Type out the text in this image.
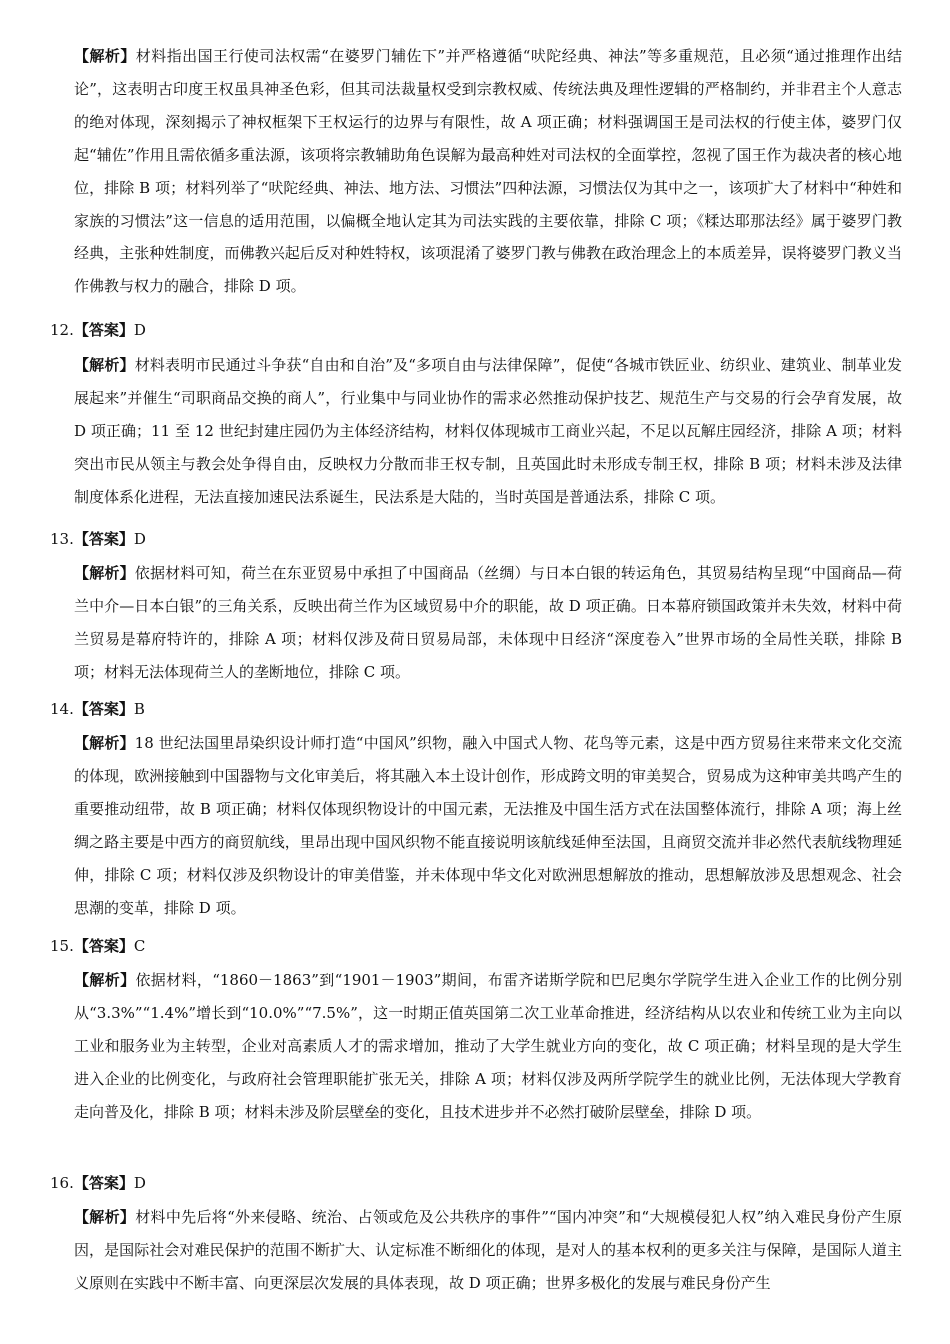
【解析】材料指出国王行使司法权需“在婆罗门辅佐下”并严格遵循“吠陀经典、神法”等多重规范，且必须“通过推理作出结论”，这表明古印度王权虽具神圣色彩，但其司法裁量权受到宗教权威、传统法典及理性逻辑的严格制约，并非君主个人意志的绝对体现，深刻揭示了神权框架下王权运行的边界与有限性，故 A 项正确；材料强调国王是司法权的行使主体，婆罗门仅起“辅佐”作用且需依循多重法源，该项将宗教辅助角色误解为最高种姓对司法权的全面掌控，忽视了国王作为裁决者的核心地位，排除 B 项；材料列举了“吠陀经典、神法、地方法、习惯法”四种法源，习惯法仅为其中之一，该项扩大了材料中“种姓和家族的习惯法”这一信息的适用范围，以偏概全地认定其为司法实践的主要依靠，排除 C 项；《糅达耶那法经》属于婆罗门教经典，主张种姓制度，而佛教兴起后反对种姓特权，该项混淆了婆罗门教与佛教在政治理念上的本质差异，误将婆罗门教义当作佛教与权力的融合，排除 D 项。

12.【答案】D

【解析】材料表明市民通过斗争获“自由和自治”及“多项自由与法律保障”，促使“各城市铁匠业、纺织业、建筑业、制革业发展起来”并催生“司职商品交换的商人”，行业集中与同业协作的需求必然推动保护技艺、规范生产与交易的行会孕育发展，故 D 项正确；11 至 12 世纪封建庄园仍为主体经济结构，材料仅体现城市工商业兴起，不足以瓦解庄园经济，排除 A 项；材料突出市民从领主与教会处争得自由，反映权力分散而非王权专制，且英国此时未形成专制王权，排除 B 项；材料未涉及法律制度体系化进程，无法直接加速民法系诞生，民法系是大陆的，当时英国是普通法系，排除 C 项。

13.【答案】D

【解析】依据材料可知，荷兰在东亚贸易中承担了中国商品（丝绸）与日本白银的转运角色，其贸易结构呈现“中国商品—荷兰中介—日本白银”的三角关系，反映出荷兰作为区域贸易中介的职能，故 D 项正确。日本幕府锁国政策并未失效，材料中荷兰贸易是幕府特许的，排除 A 项；材料仅涉及荷日贸易局部，未体现中日经济“深度卷入”世界市场的全局性关联，排除 B 项；材料无法体现荷兰人的垄断地位，排除 C 项。

14.【答案】B

【解析】18 世纪法国里昂染织设计师打造“中国风”织物，融入中国式人物、花鸟等元素，这是中西方贸易往来带来文化交流的体现，欧洲接触到中国器物与文化审美后，将其融入本土设计创作，形成跨文明的审美契合，贸易成为这种审美共鸣产生的重要推动纽带，故 B 项正确；材料仅体现织物设计的中国元素，无法推及中国生活方式在法国整体流行，排除 A 项；海上丝绸之路主要是中西方的商贸航线，里昂出现中国风织物不能直接说明该航线延伸至法国，且商贸交流并非必然代表航线物理延伸，排除 C 项；材料仅涉及织物设计的审美借鉴，并未体现中华文化对欧洲思想解放的推动，思想解放涉及思想观念、社会思潮的变革，排除 D 项。

15.【答案】C

【解析】依据材料，“1860－1863”到“1901－1903”期间，布雷齐诺斯学院和巴尼奥尔学院学生进入企业工作的比例分别从“3.3%”“1.4%”增长到“10.0%”“7.5%”，这一时期正值英国第二次工业革命推进，经济结构从以农业和传统工业为主向以工业和服务业为主转型，企业对高素质人才的需求增加，推动了大学生就业方向的变化，故 C 项正确；材料呈现的是大学生进入企业的比例变化，与政府社会管理职能扩张无关，排除 A 项；材料仅涉及两所学院学生的就业比例，无法体现大学教育走向普及化，排除 B 项；材料未涉及阶层壁垒的变化，且技术进步并不必然打破阶层壁垒，排除 D 项。

16.【答案】D

【解析】材料中先后将“外来侵略、统治、占领或危及公共秩序的事件”“国内冲突”和“大规模侵犯人权”纳入难民身份产生原因，是国际社会对难民保护的范围不断扩大、认定标准不断细化的体现，是对人的基本权利的更多关注与保障，是国际人道主义原则在实践中不断丰富、向更深层次发展的具体表现，故 D 项正确；世界多极化的发展与难民身份产生
